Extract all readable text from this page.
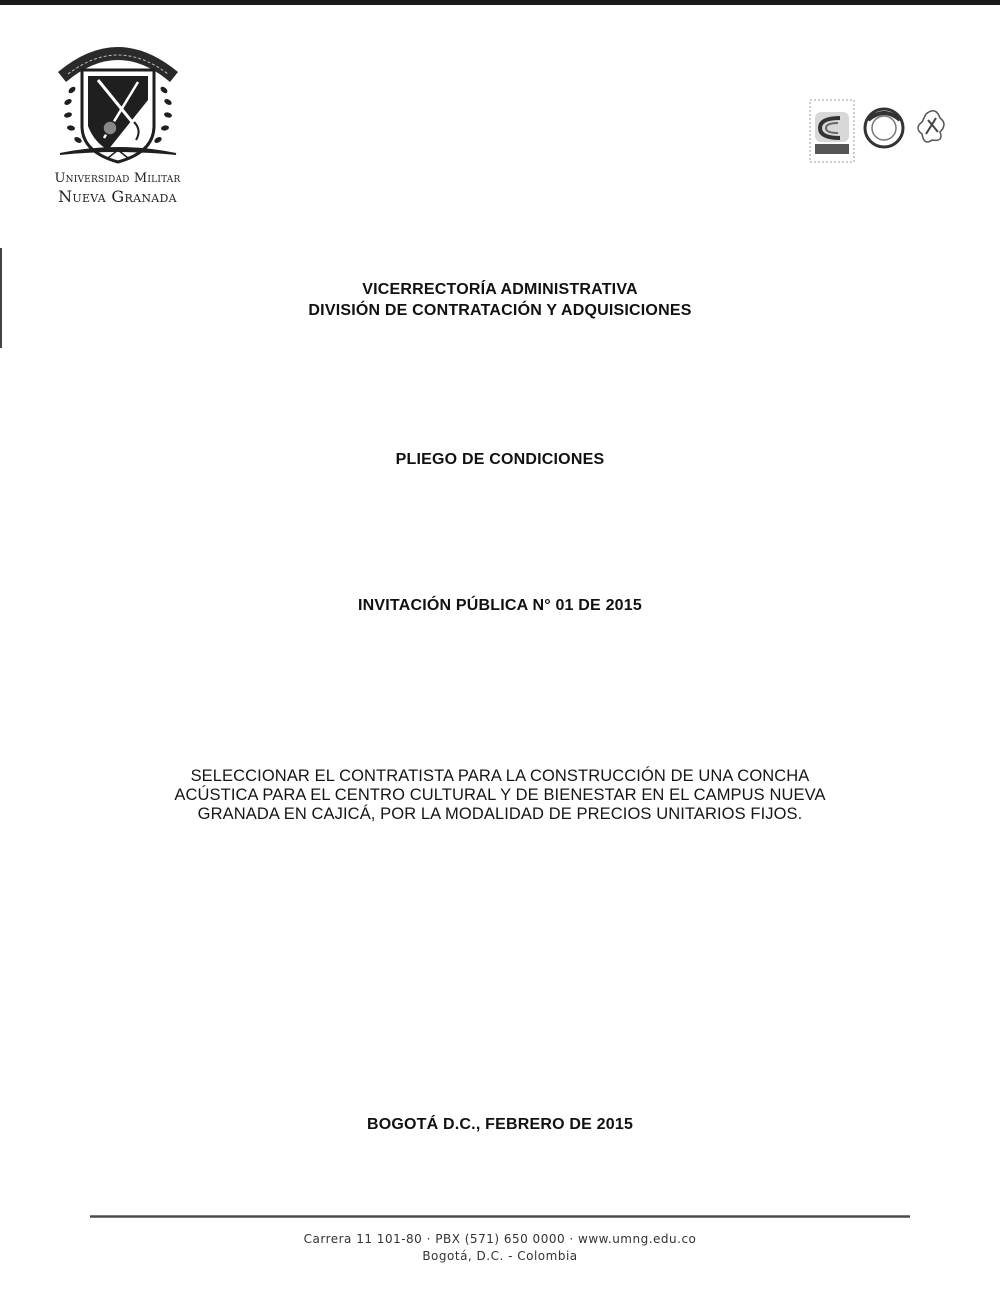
Universidad Militar
Nueva Granada
VICERRECTORÍA ADMINISTRATIVA
DIVISIÓN DE CONTRATACIÓN Y ADQUISICIONES
PLIEGO DE CONDICIONES
INVITACIÓN PÚBLICA N° 01 DE 2015
SELECCIONAR EL CONTRATISTA PARA LA CONSTRUCCIÓN DE UNA CONCHA
ACÚSTICA PARA EL CENTRO CULTURAL Y DE BIENESTAR EN EL CAMPUS NUEVA
GRANADA EN CAJICÁ, POR LA MODALIDAD DE PRECIOS UNITARIOS FIJOS.
BOGOTÁ D.C., FEBRERO DE 2015
Carrera 11 101-80 · PBX (571) 650 0000 · www.umng.edu.co
Bogotá, D.C. - Colombia
